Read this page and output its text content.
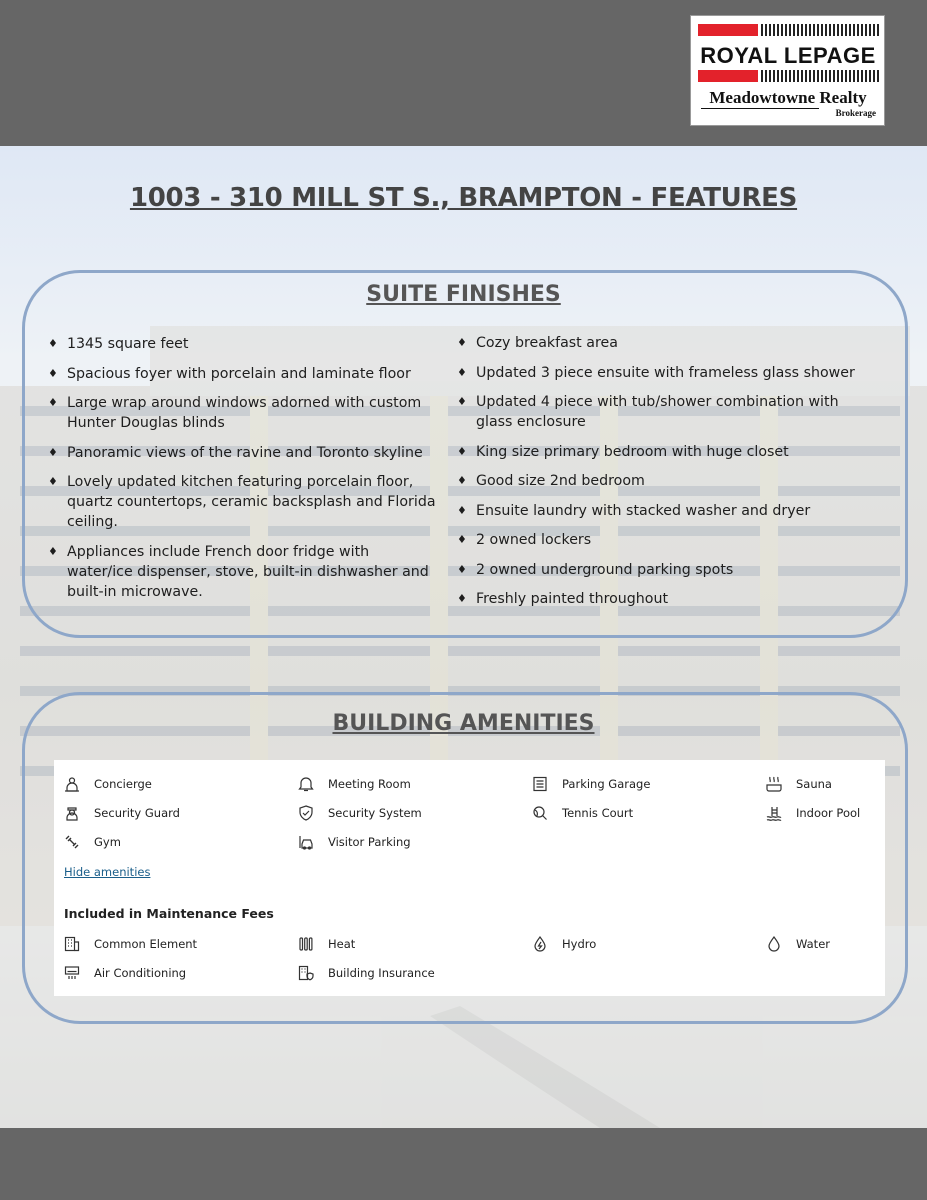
ROYAL LEPAGE
Meadowtowne Realty
Brokerage
1003 - 310 MILL ST S., BRAMPTON - FEATURES
SUITE FINISHES
♦ 1345 square feet
♦ Spacious foyer with porcelain and laminate floor
♦ Large wrap around windows adorned with custom Hunter Douglas blinds
♦ Panoramic views of the ravine and Toronto skyline
♦ Lovely updated kitchen featuring porcelain floor, quartz countertops, ceramic backsplash and Florida ceiling.
♦ Appliances include French door fridge with water/ice dispenser, stove, built-in dishwasher and built-in microwave.
♦ Cozy breakfast area
♦ Updated 3 piece ensuite with frameless glass shower
♦ Updated 4 piece with tub/shower combination with glass enclosure
♦ King size primary bedroom with huge closet
♦ Good size 2nd bedroom
♦ Ensuite laundry with stacked washer and dryer
♦ 2 owned lockers
♦ 2 owned underground parking spots
♦ Freshly painted throughout
BUILDING AMENITIES
Concierge	Meeting Room	Parking Garage	Sauna
Security Guard	Security System	Tennis Court	Indoor Pool
Gym	Visitor Parking
Hide amenities
Included in Maintenance Fees
Common Element	Heat	Hydro	Water
Air Conditioning	Building Insurance
